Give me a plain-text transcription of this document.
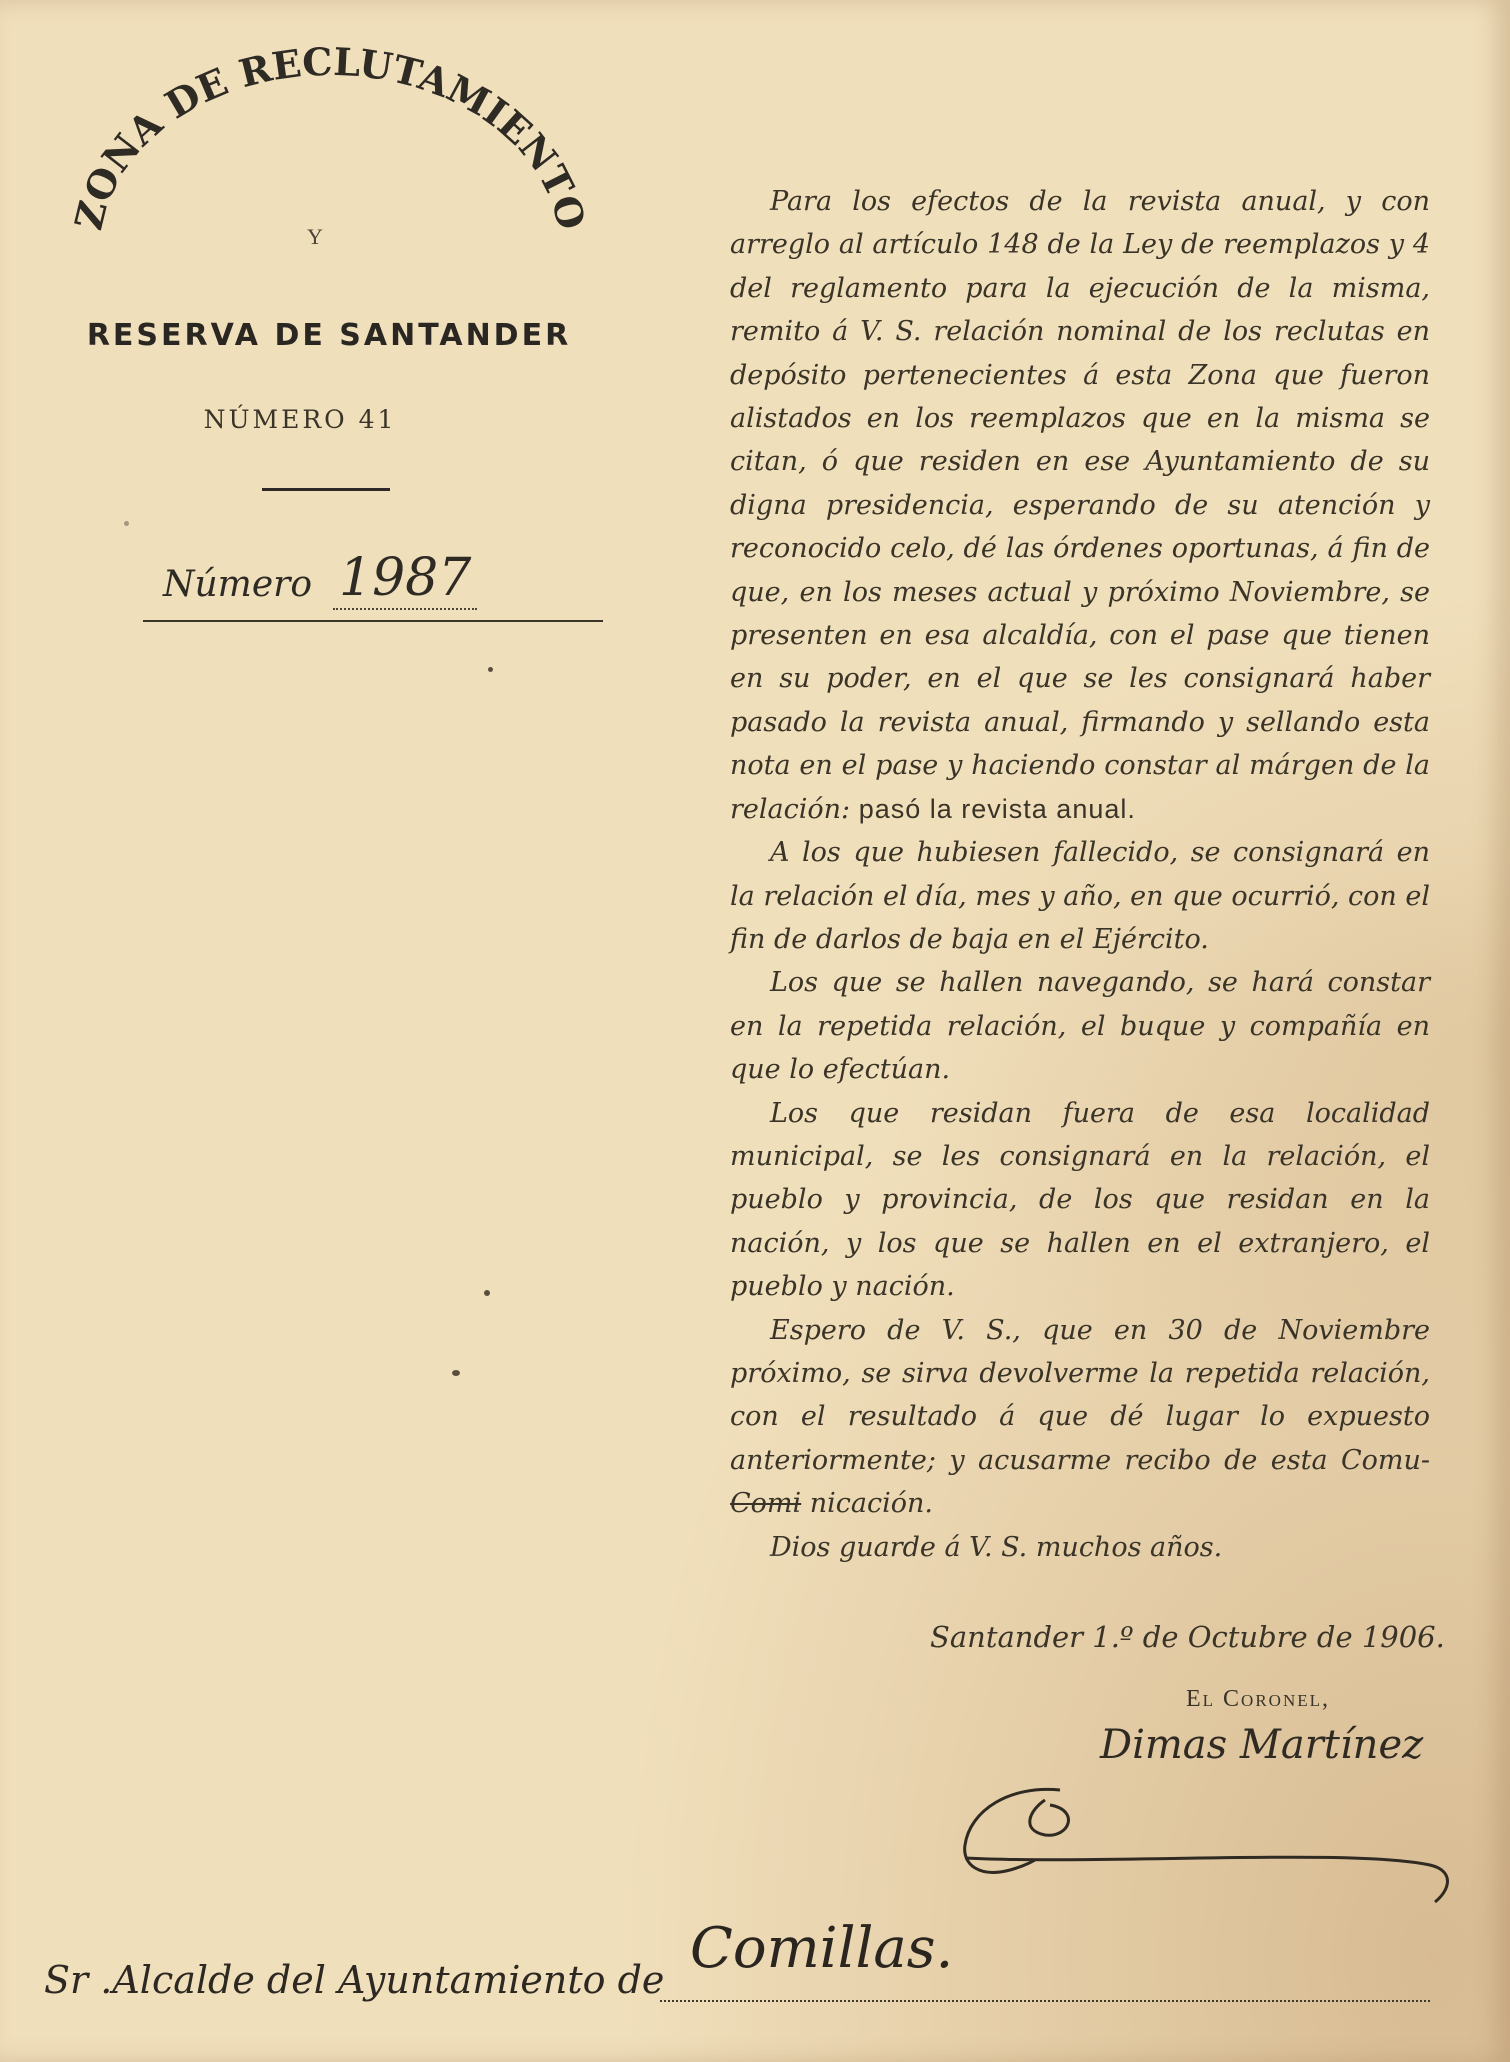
ZONA DE RECLUTAMIENTO
Y
RESERVA DE SANTANDER
NÚMERO 41
Número 1987

Para los efectos de la revista anual, y con arreglo al artículo 148 de la Ley de reemplazos y 4 del reglamento para la ejecución de la misma, remito á V. S. relación nominal de los reclutas en depósito pertenecientes á esta Zona que fueron alistados en los reemplazos que en la misma se citan, ó que residen en ese Ayuntamiento de su digna presidencia, esperando de su atención y reconocido celo, dé las órdenes oportunas, á fin de que, en los meses actual y próximo Noviembre, se presenten en esa alcaldía, con el pase que tienen en su poder, en el que se les consignará haber pasado la revista anual, firmando y sellando esta nota en el pase y haciendo constar al márgen de la relación: pasó la revista anual.

A los que hubiesen fallecido, se consignará en la relación el día, mes y año, en que ocurrió, con el fin de darlos de baja en el Ejército.

Los que se hallen navegando, se hará constar en la repetida relación, el buque y compañía en que lo efectúan.

Los que residan fuera de esa localidad municipal, se les consignará en la relación, el pueblo y provincia, de los que residan en la nación, y los que se hallen en el extranjero, el pueblo y nación.

Espero de V. S., que en 30 de Noviembre próximo, se sirva devolverme la repetida relación, con el resultado á que dé lugar lo expuesto anteriormente; y acusarme recibo de esta Comu- Comi nicación.

Dios guarde á V. S. muchos años.

Santander 1.º de Octubre de 1906.
El Coronel,
Dimas Martínez
Sr .Alcalde del Ayuntamiento de Comillas.
